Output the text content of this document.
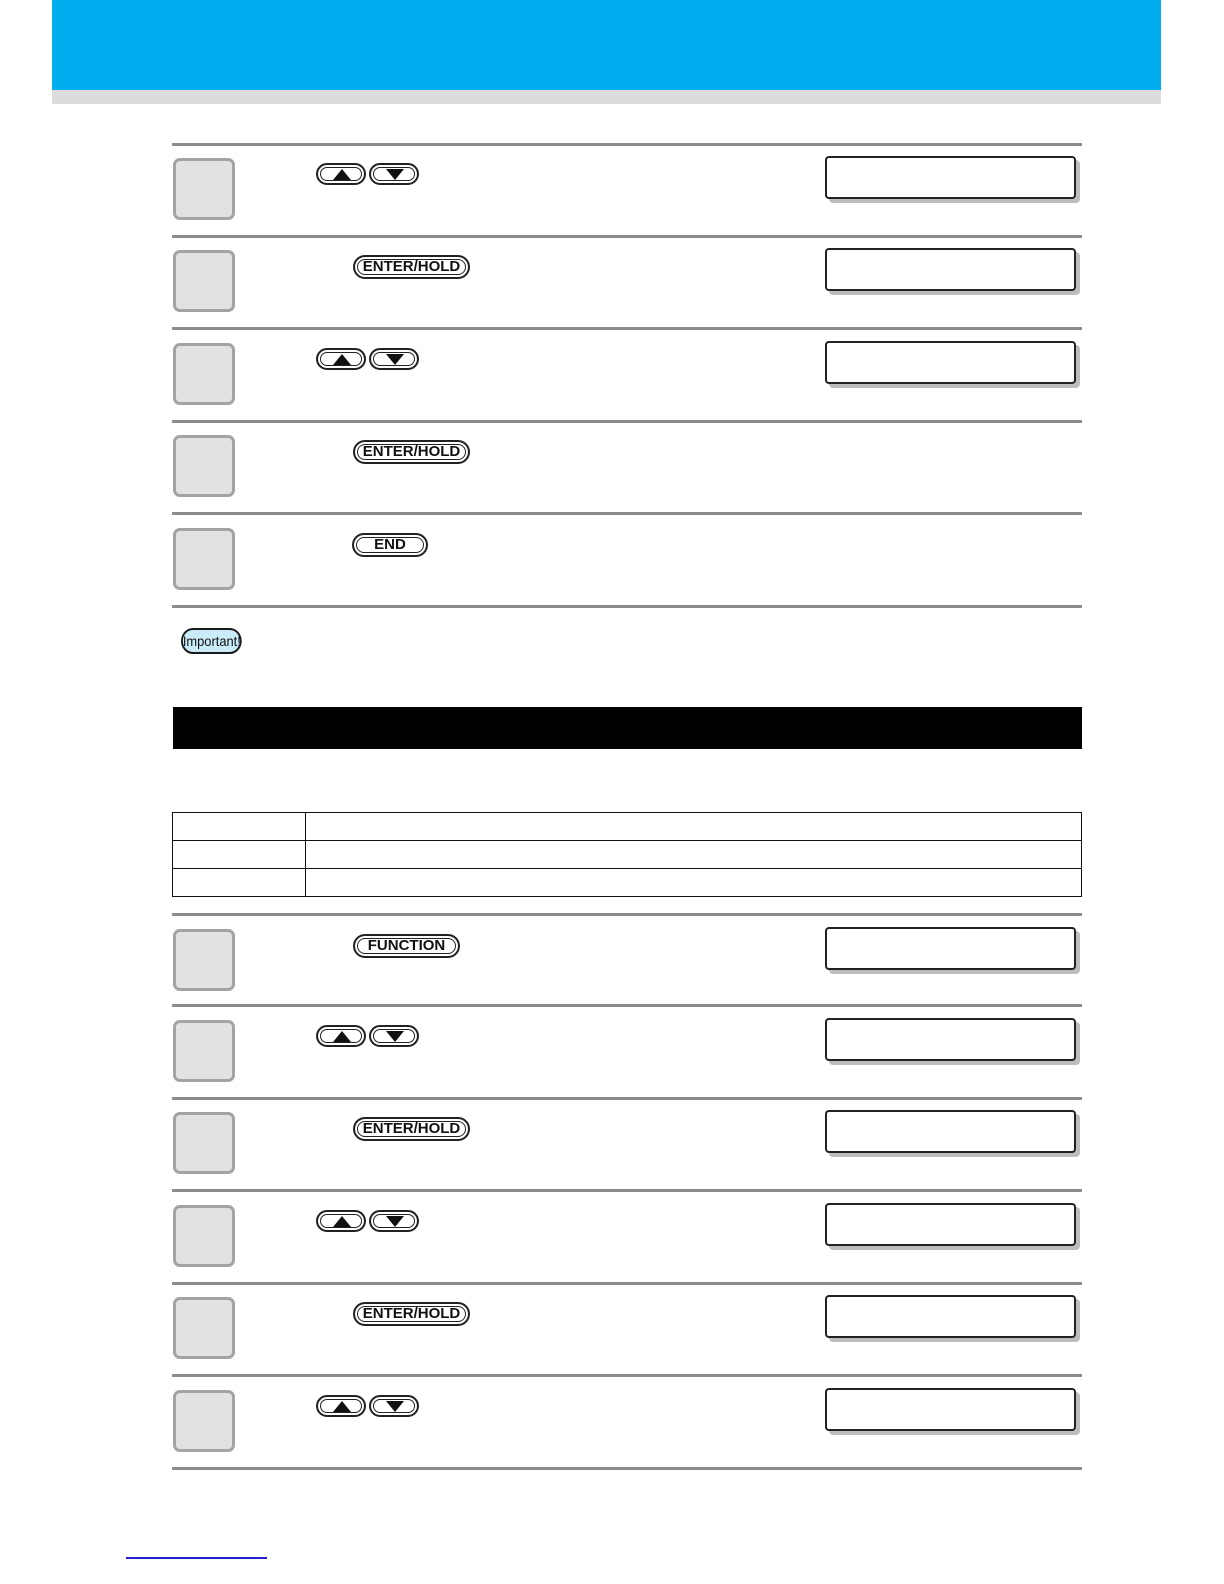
ENTER/HOLD
ENTER/HOLD
END
Important!

FUNCTION
ENTER/HOLD
ENTER/HOLD
